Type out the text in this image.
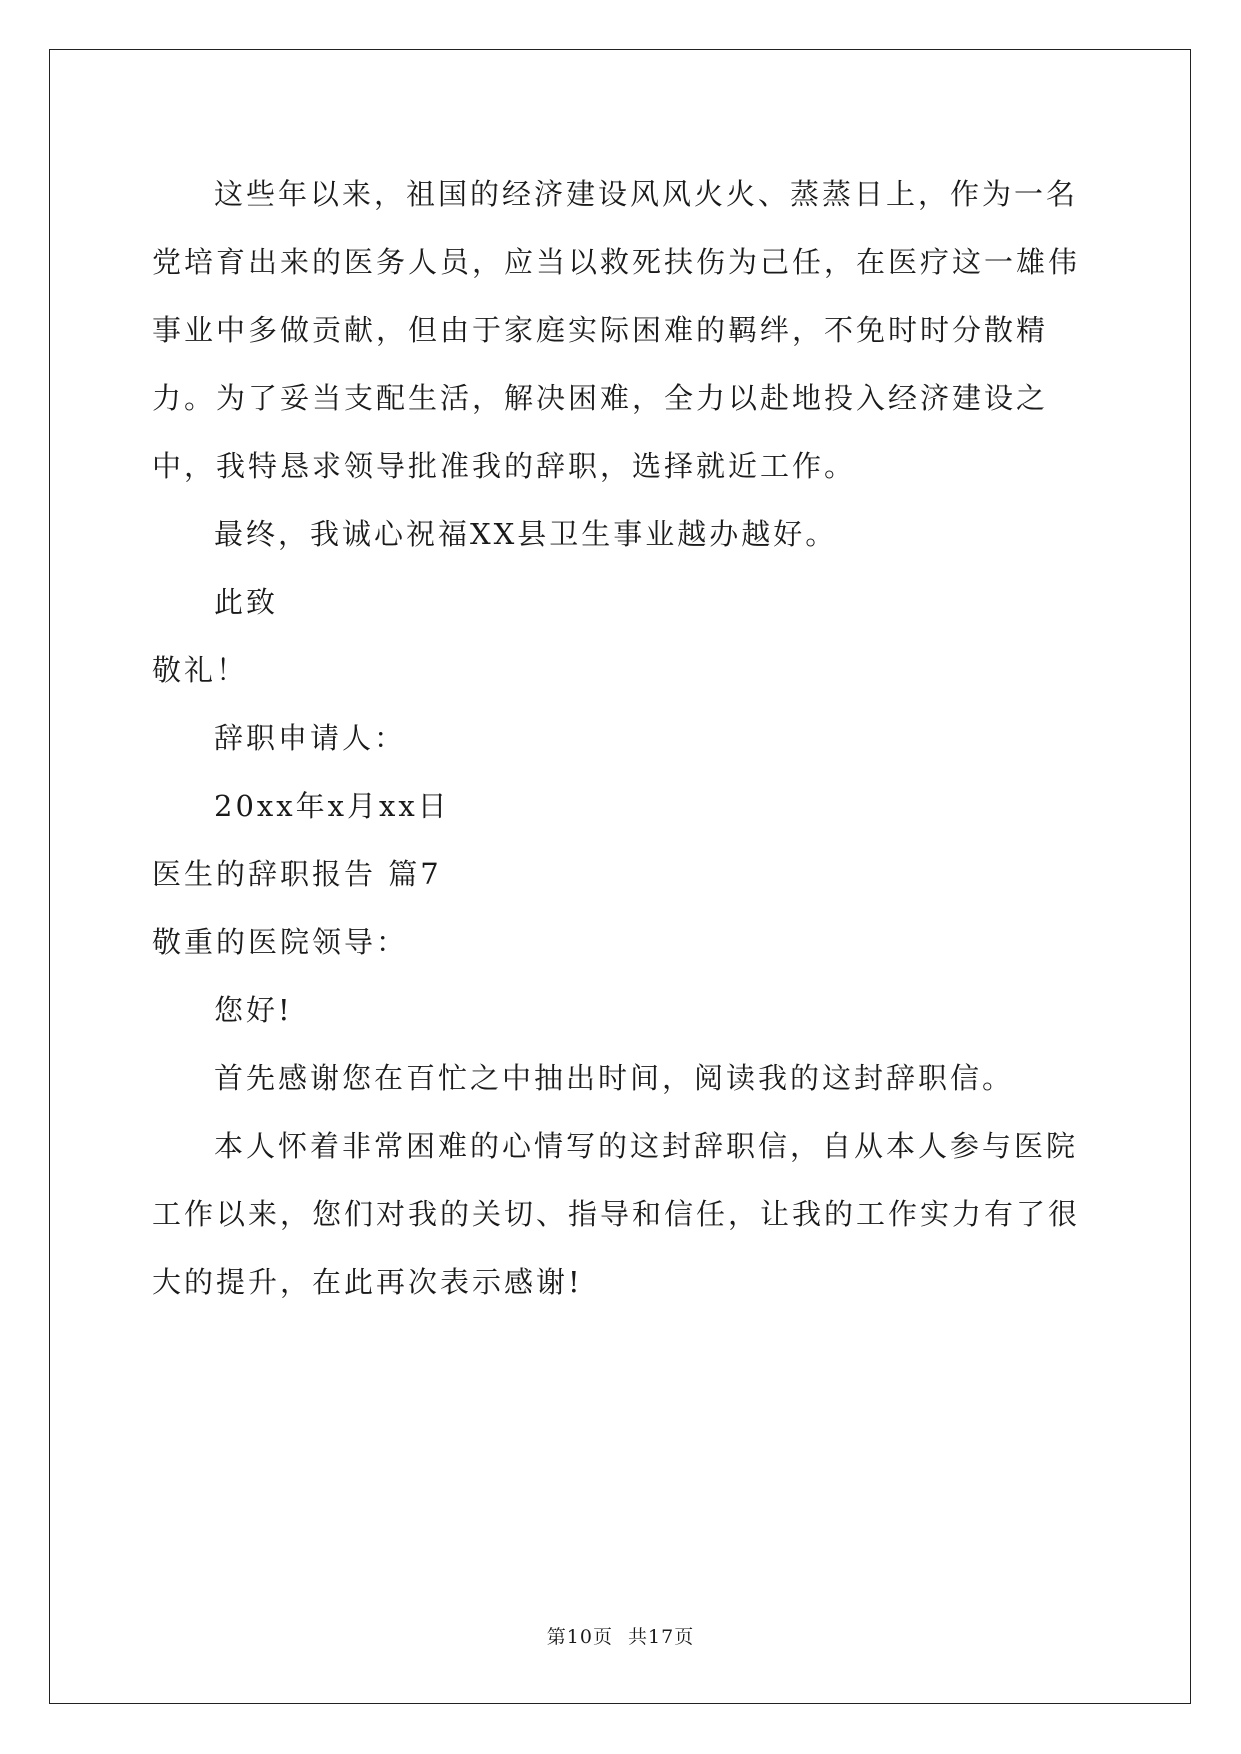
这些年以来，祖国的经济建设风风火火、蒸蒸日上，作为一名党培育出来的医务人员，应当以救死扶伤为己任，在医疗这一雄伟事业中多做贡献，但由于家庭实际困难的羁绊，不免时时分散精力。为了妥当支配生活，解决困难，全力以赴地投入经济建设之中，我特恳求领导批准我的辞职，选择就近工作。

最终，我诚心祝福XX县卫生事业越办越好。

此致

敬礼！

辞职申请人：

20xx年x月xx日

医生的辞职报告 篇7

敬重的医院领导：

您好!

首先感谢您在百忙之中抽出时间，阅读我的这封辞职信。

本人怀着非常困难的心情写的这封辞职信，自从本人参与医院工作以来，您们对我的关切、指导和信任，让我的工作实力有了很大的提升，在此再次表示感谢!

第10页 共17页
